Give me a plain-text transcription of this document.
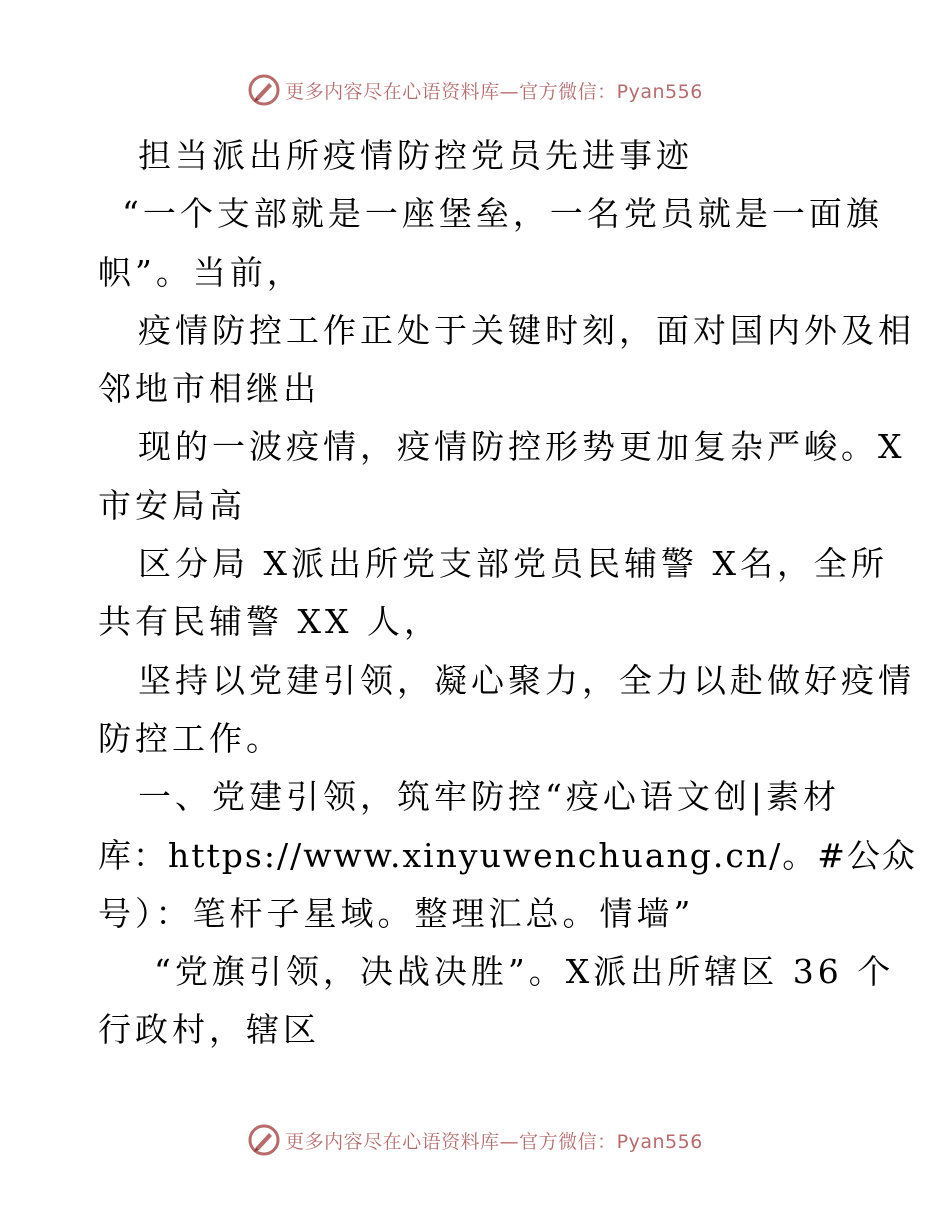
更多内容尽在心语资料库—官方微信：Pyan556
担当派出所疫情防控党员先进事迹
“一个支部就是一座堡垒，一名党员就是一面旗
帜”。当前，
疫情防控工作正处于关键时刻，面对国内外及相
邻地市相继出
现的一波疫情，疫情防控形势更加复杂严峻。X
市安局高
区分局 X派出所党支部党员民辅警 X名，全所
共有民辅警 XX 人，
坚持以党建引领，凝心聚力，全力以赴做好疫情
防控工作。
一、党建引领，筑牢防控“疫心语文创|素材
库：https://www.xinyuwenchuang.cn/。#公众
号）：笔杆子星域。整理汇总。情墙”
“党旗引领，决战决胜”。X派出所辖区 36 个
行政村，辖区
更多内容尽在心语资料库—官方微信：Pyan556
